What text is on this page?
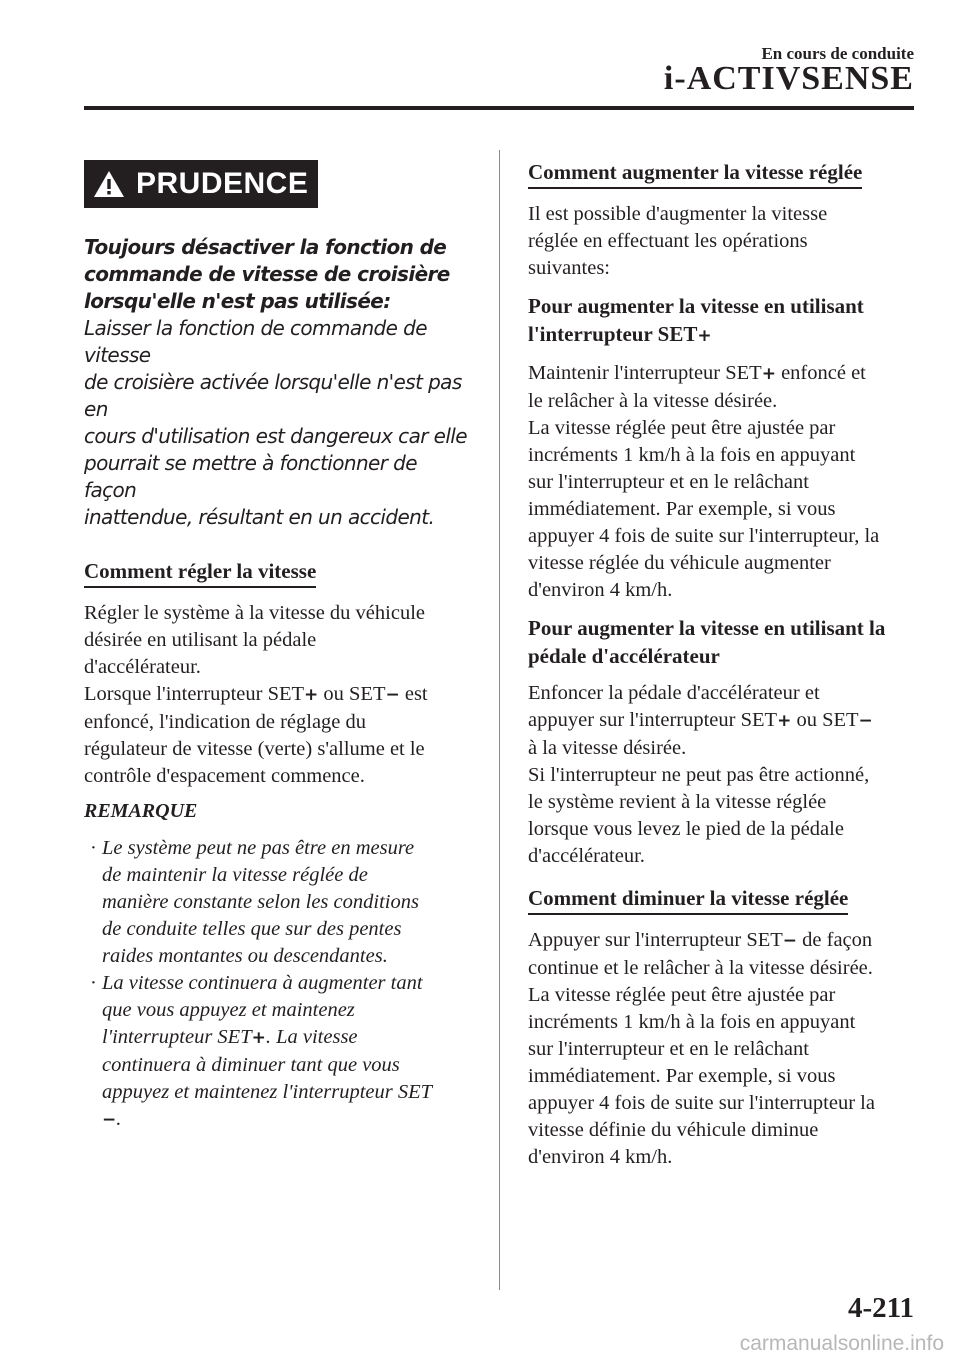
En cours de conduite
i-ACTIVSENSE
PRUDENCE

Toujours désactiver la fonction de

commande de vitesse de croisière

lorsqu'elle n'est pas utilisée:

Laisser la fonction de commande de vitesse
de croisière activée lorsqu'elle n'est pas en
cours d'utilisation est dangereux car elle
pourrait se mettre à fonctionner de façon
inattendue, résultant en un accident.
Comment régler la vitesse
Régler le système à la vitesse du véhicule
désirée en utilisant la pédale
d'accélérateur.
Lorsque l'interrupteur SET+ ou SET− est
enfoncé, l'indication de réglage du
régulateur de vitesse (verte) s'allume et le
contrôle d'espacement commence.
REMARQUE
· Le système peut ne pas être en mesure
de maintenir la vitesse réglée de
manière constante selon les conditions
de conduite telles que sur des pentes
raides montantes ou descendantes.
· La vitesse continuera à augmenter tant
que vous appuyez et maintenez
l'interrupteur SET+. La vitesse
continuera à diminuer tant que vous
appuyez et maintenez l'interrupteur SET
−.
Comment augmenter la vitesse réglée
Il est possible d'augmenter la vitesse
réglée en effectuant les opérations
suivantes:
Pour augmenter la vitesse en utilisant
l'interrupteur SET+
Maintenir l'interrupteur SET+ enfoncé et
le relâcher à la vitesse désirée.
La vitesse réglée peut être ajustée par
incréments 1 km/h à la fois en appuyant
sur l'interrupteur et en le relâchant
immédiatement. Par exemple, si vous
appuyer 4 fois de suite sur l'interrupteur, la
vitesse réglée du véhicule augmenter
d'environ 4 km/h.
Pour augmenter la vitesse en utilisant la
pédale d'accélérateur
Enfoncer la pédale d'accélérateur et
appuyer sur l'interrupteur SET+ ou SET−
à la vitesse désirée.
Si l'interrupteur ne peut pas être actionné,
le système revient à la vitesse réglée
lorsque vous levez le pied de la pédale
d'accélérateur.
Comment diminuer la vitesse réglée
Appuyer sur l'interrupteur SET− de façon
continue et le relâcher à la vitesse désirée.
La vitesse réglée peut être ajustée par
incréments 1 km/h à la fois en appuyant
sur l'interrupteur et en le relâchant
immédiatement. Par exemple, si vous
appuyer 4 fois de suite sur l'interrupteur la
vitesse définie du véhicule diminue
d'environ 4 km/h.
4-211
carmanualsonline.info
